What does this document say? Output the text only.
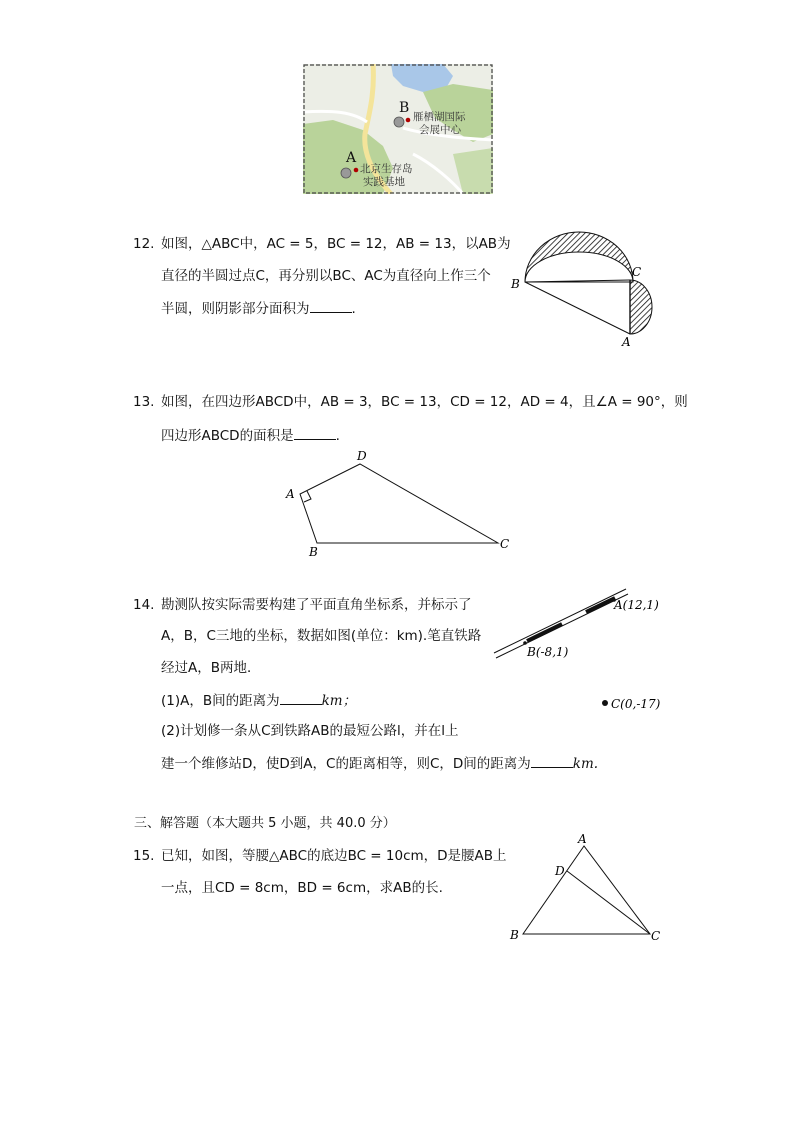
B
雁栖湖国际
会展中心
A
北京生存岛
实践基地
12. 如图，△ABC中，AC = 5，BC = 12，AB = 13，以AB为
直径的半圆过点C，再分别以BC、AC为直径向上作三个
半圆，则阴影部分面积为	.
B
C
A
13. 如图，在四边形ABCD中，AB = 3，BC = 13，CD = 12，AD = 4，且∠A = 90°，则
四边形ABCD的面积是	.
D
A
B
C
14. 勘测队按实际需要构建了平面直角坐标系，并标示了
A，B，C三地的坐标，数据如图(单位：km).笔直铁路
经过A，B两地．
(1)A，B间的距离为	km；
(2)计划修一条从C到铁路AB的最短公路l，并在l上
建一个维修站D，使D到A，C的距离相等，则C，D间的距离为	km.
A(12,1)
B(-8,1)
C(0,-17)
三、解答题（本大题共 5 小题，共 40.0 分）
15. 已知，如图，等腰△ABC的底边BC = 10cm，D是腰AB上
一点，且CD = 8cm，BD = 6cm，求AB的长.
A
D
B	C
